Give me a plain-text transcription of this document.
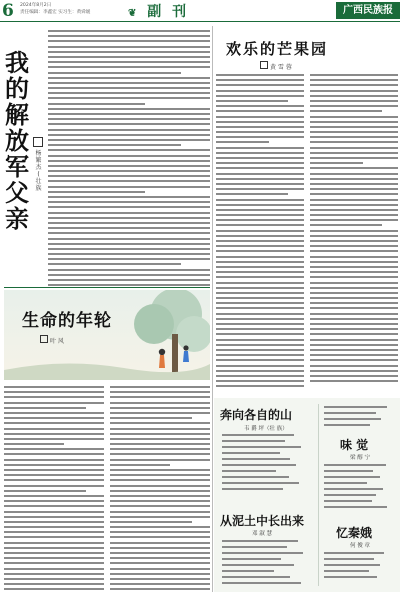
6 2024年8月2日
责任编辑：李鑫宏 实习生：黄舜媛	❦ 副 刊	广西民族报
我
的
解
放
军
父
亲
杨
繁
杰
(
壮
族
生命的年轮
叶 风
欢乐的芒果园
黄 雪 蓉
奔向各自的山
韦 爵 坪（壮 族）
从泥土中长出来
邓 淑 慧
味 觉
梁 醇 宁
忆秦娥
何 俊 章
